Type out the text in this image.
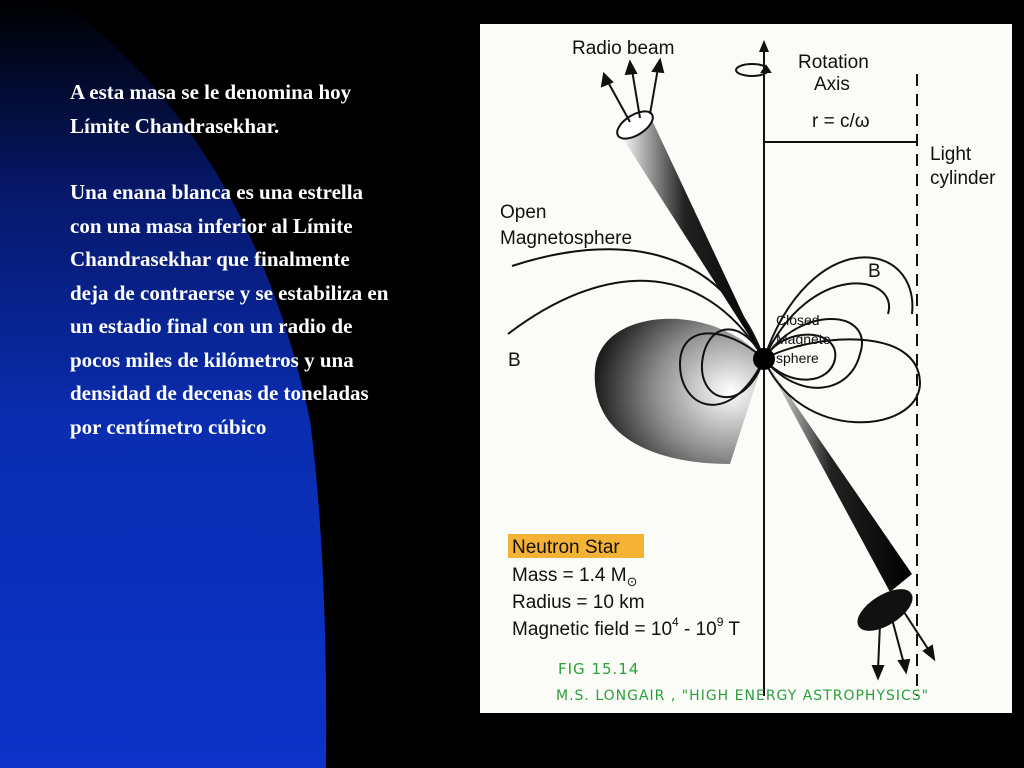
A esta masa se le denomina hoy Límite Chandrasekhar.

Una enana blanca es una estrella con una masa inferior al Límite Chandrasekhar que finalmente deja de contraerse y se estabiliza en un estadio final con un radio de pocos miles de kilómetros y una densidad de decenas de toneladas por centímetro cúbico

Radio beam
Rotation
Axis
r = c/ω
Light
cylinder
Open
Magnetosphere
B
B
Closed
Magneto-
sphere
Neutron Star
Mass = 1.4 $M_⊙$
Radius = 10 km
Magnetic field = $10^4 - 10^9$ T
FIG 15.14
M.S. LONGAIR , "HIGH ENERGY ASTROPHYSICS"
